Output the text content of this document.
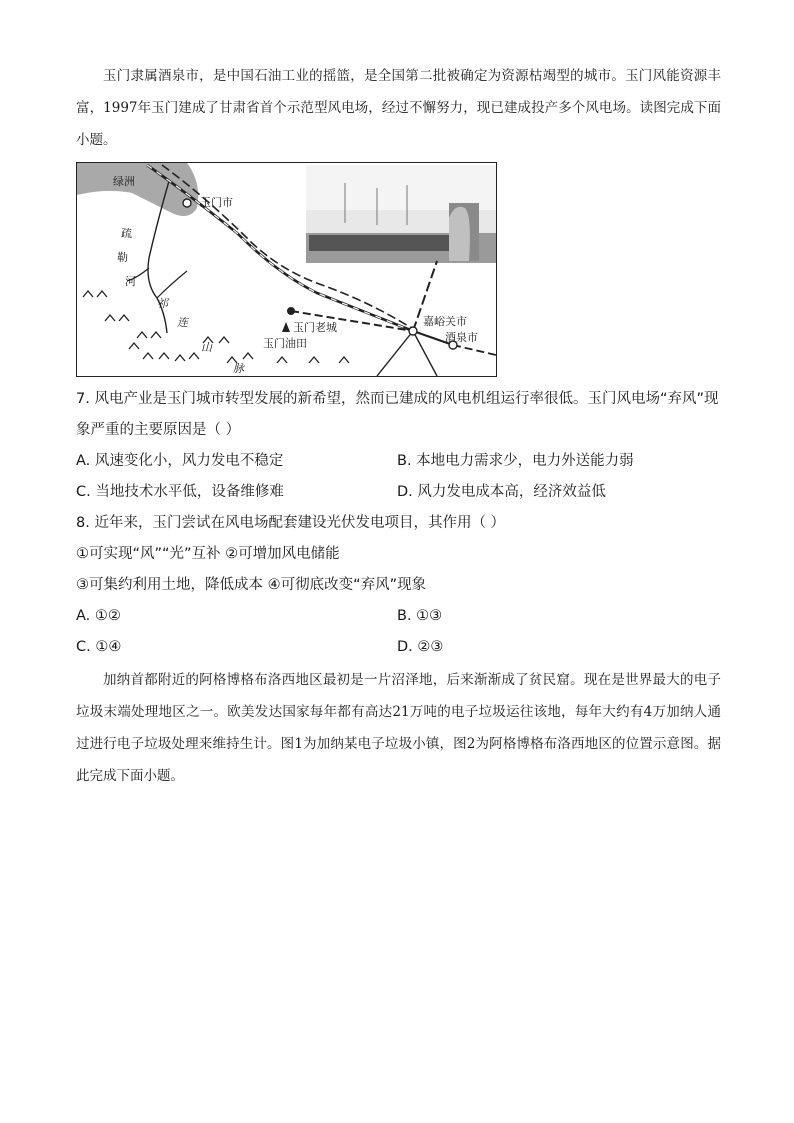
玉门隶属酒泉市，是中国石油工业的摇篮，是全国第二批被确定为资源枯竭型的城市。玉门风能资源丰富，1997年玉门建成了甘肃省首个示范型风电场，经过不懈努力，现已建成投产多个风电场。读图完成下面小题。

绿洲
玉门市
疏
勒
河
祁
连
山
脉
玉门老城
玉门油田
嘉峪关市
酒泉市

7. 风电产业是玉门城市转型发展的新希望，然而已建成的风电机组运行率很低。玉门风电场“弃风”现象严重的主要原因是（ ）

A. 风速变化小，风力发电不稳定	B. 本地电力需求少，电力外送能力弱

C. 当地技术水平低，设备维修难	D. 风力发电成本高，经济效益低

8. 近年来，玉门尝试在风电场配套建设光伏发电项目，其作用（ ）

①可实现“风”“光”互补 ②可增加风电储能

③可集约利用土地，降低成本 ④可彻底改变“弃风”现象

A. ①②	B. ①③

C. ①④	D. ②③

加纳首都附近的阿格博格布洛西地区最初是一片沼泽地，后来渐渐成了贫民窟。现在是世界最大的电子垃圾末端处理地区之一。欧美发达国家每年都有高达21万吨的电子垃圾运往该地，每年大约有4万加纳人通过进行电子垃圾处理来维持生计。图1为加纳某电子垃圾小镇，图2为阿格博格布洛西地区的位置示意图。据此完成下面小题。
